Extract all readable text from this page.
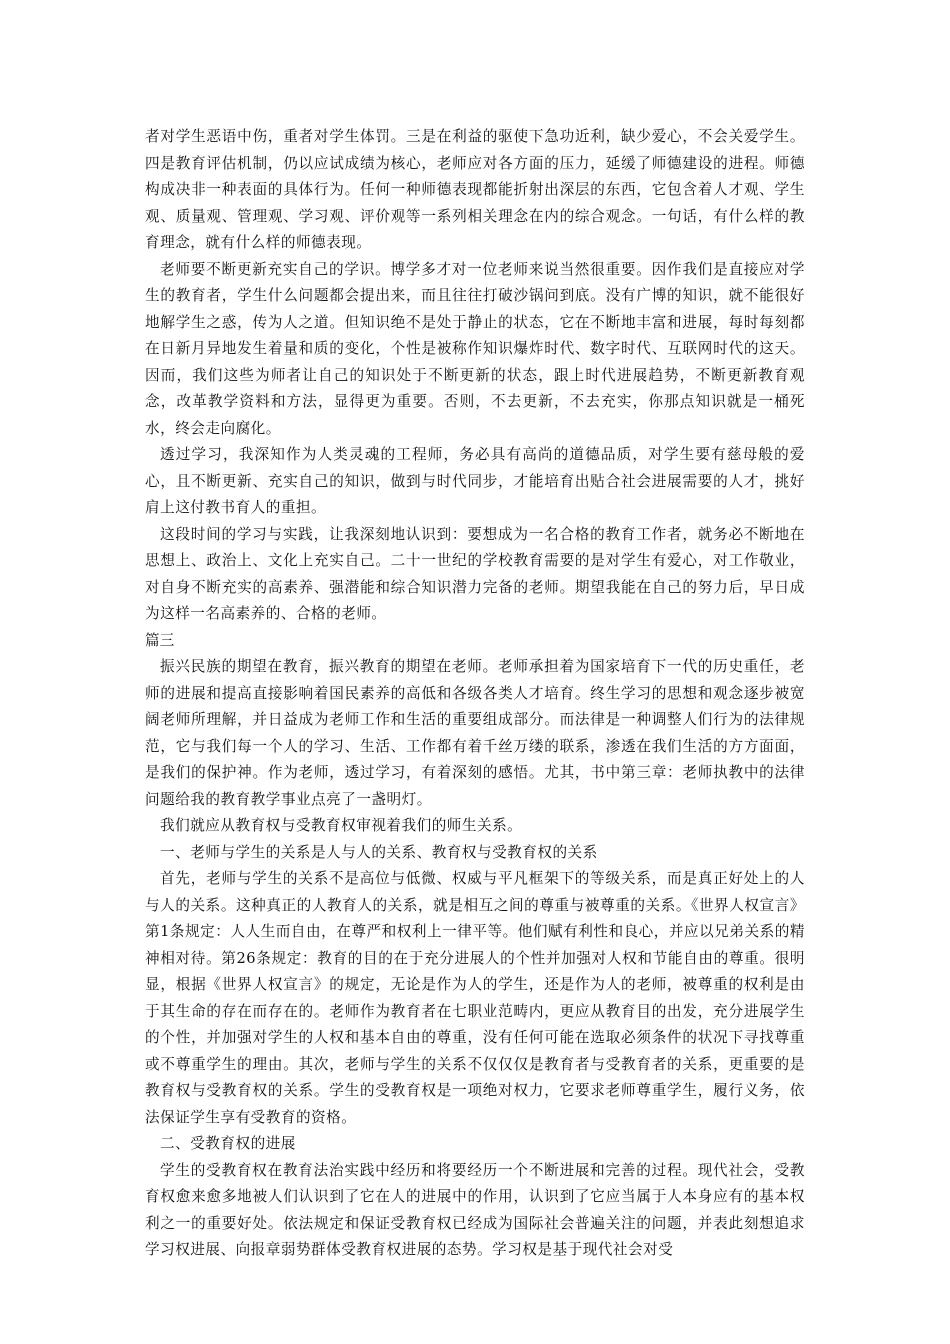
者对学生恶语中伤，重者对学生体罚。三是在利益的驱使下急功近利，缺少爱心，不会关爱学生。四是教育评估机制，仍以应试成绩为核心，老师应对各方面的压力，延缓了师德建设的进程。师德构成决非一种表面的具体行为。任何一种师德表现都能折射出深层的东西，它包含着人才观、学生观、质量观、管理观、学习观、评价观等一系列相关理念在内的综合观念。一句话，有什么样的教育理念，就有什么样的师德表现。

老师要不断更新充实自己的学识。博学多才对一位老师来说当然很重要。因作我们是直接应对学生的教育者，学生什么问题都会提出来，而且往往打破沙锅问到底。没有广博的知识，就不能很好地解学生之惑，传为人之道。但知识绝不是处于静止的状态，它在不断地丰富和进展，每时每刻都在日新月异地发生着量和质的变化，个性是被称作知识爆炸时代、数字时代、互联网时代的这天。因而，我们这些为师者让自己的知识处于不断更新的状态，跟上时代进展趋势，不断更新教育观念，改革教学资料和方法，显得更为重要。否则，不去更新，不去充实，你那点知识就是一桶死水，终会走向腐化。

透过学习，我深知作为人类灵魂的工程师，务必具有高尚的道德品质，对学生要有慈母般的爱心，且不断更新、充实自己的知识，做到与时代同步，才能培育出贴合社会进展需要的人才，挑好肩上这付教书育人的重担。

这段时间的学习与实践，让我深刻地认识到：要想成为一名合格的教育工作者，就务必不断地在思想上、政治上、文化上充实自己。二十一世纪的学校教育需要的是对学生有爱心，对工作敬业，对自身不断充实的高素养、强潜能和综合知识潜力完备的老师。期望我能在自己的努力后，早日成为这样一名高素养的、合格的老师。

篇三

振兴民族的期望在教育，振兴教育的期望在老师。老师承担着为国家培育下一代的历史重任，老师的进展和提高直接影响着国民素养的高低和各级各类人才培育。终生学习的思想和观念逐步被宽阔老师所理解，并日益成为老师工作和生活的重要组成部分。而法律是一种调整人们行为的法律规范，它与我们每一个人的学习、生活、工作都有着千丝万缕的联系，渗透在我们生活的方方面面，是我们的保护神。作为老师，透过学习，有着深刻的感悟。尤其，书中第三章：老师执教中的法律问题给我的教育教学事业点亮了一盏明灯。

我们就应从教育权与受教育权审视着我们的师生关系。

一、老师与学生的关系是人与人的关系、教育权与受教育权的关系

首先，老师与学生的关系不是高位与低微、权威与平凡框架下的等级关系，而是真正好处上的人与人的关系。这种真正的人教育人的关系，就是相互之间的尊重与被尊重的关系。《世界人权宣言》第1条规定：人人生而自由，在尊严和权利上一律平等。他们赋有利性和良心，并应以兄弟关系的精神相对待。第26条规定：教育的目的在于充分进展人的个性并加强对人权和节能自由的尊重。很明显，根据《世界人权宣言》的规定，无论是作为人的学生，还是作为人的老师，被尊重的权利是由于其生命的存在而存在的。老师作为教育者在七职业范畴内，更应从教育目的出发，充分进展学生的个性，并加强对学生的人权和基本自由的尊重，没有任何可能在选取必须条件的状况下寻找尊重或不尊重学生的理由。其次，老师与学生的关系不仅仅仅是教育者与受教育者的关系，更重要的是教育权与受教育权的关系。学生的受教育权是一项绝对权力，它要求老师尊重学生，履行义务，依法保证学生享有受教育的资格。

二、受教育权的进展

学生的受教育权在教育法治实践中经历和将要经历一个不断进展和完善的过程。现代社会，受教育权愈来愈多地被人们认识到了它在人的进展中的作用，认识到了它应当属于人本身应有的基本权利之一的重要好处。依法规定和保证受教育权已经成为国际社会普遍关注的问题，并表此刻想追求学习权进展、向报章弱势群体受教育权进展的态势。学习权是基于现代社会对受
